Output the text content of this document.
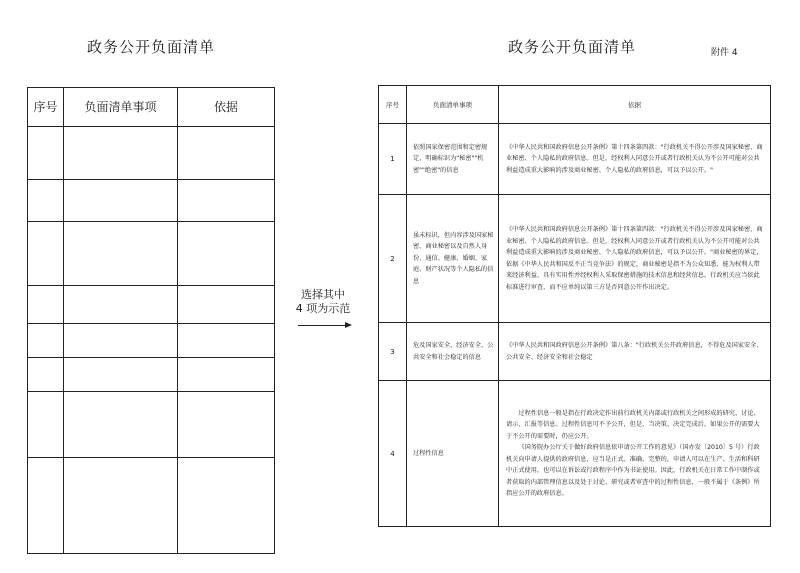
政务公开负面清单
序号	负面清单事项	依据

选择其中
4 项为示范
政务公开负面清单	附件 4
序号	负面清单事项	依据
1	依照国家保密范围和定密规定，明确标识为"秘密""机密""绝密"的信息	《中华人民共和国政府信息公开条例》第十四条第四款："行政机关不得公开涉及国家秘密、商业秘密、个人隐私的政府信息。但是，经权利人同意公开或者行政机关认为不公开可能对公共利益造成重大影响的涉及商业秘密、个人隐私的政府信息，可以予以公开。"
2	虽未标识，但内容涉及国家秘密、商业秘密以及自然人身份、通信、健康、婚姻、家庭、财产状况等个人隐私的信息	《中华人民共和国政府信息公开条例》第十四条第四款："行政机关不得公开涉及国家秘密、商业秘密、个人隐私的政府信息。但是，经权利人同意公开或者行政机关认为不公开可能对公共利益造成重大影响的涉及商业秘密、个人隐私的政府信息，可以予以公开。"商业秘密的界定，依据《中华人民共和国反不正当竞争法》的规定，商业秘密是指不为公众知悉、能为权利人带来经济利益、具有实用性并经权利人采取保密措施的技术信息和经营信息。行政机关应当依此标准进行审查，而不应单纯以第三方是否同意公开作出决定。
3	危及国家安全、经济安全、公共安全和社会稳定的信息	《中华人民共和国政府信息公开条例》第八条："行政机关公开政府信息，不得危及国家安全、公共安全、经济安全和社会稳定
4	过程性信息	过程性信息一般是指在行政决定作出前行政机关内部或行政机关之间形成的研究、讨论、请示、汇报等信息。过程性信息可不予公开，但是，当决策、决定完成后，如果公开的需要大于不公开的需要时，仍应公开。
《国务院办公厅关于做好政府信息依申请公开工作的意见》（国办发〔2010〕5 号）行政机关向申请人提供的政府信息，应当是正式、准确、完整的，申请人可以在生产、生活和科研中正式使用，也可以在诉讼或行政程序中作为书证使用。因此，行政机关在日常工作中制作或者获取的内部管理信息以及处于讨论、研究或者审查中的过程性信息，一般不属于《条例》所指应公开的政府信息。
